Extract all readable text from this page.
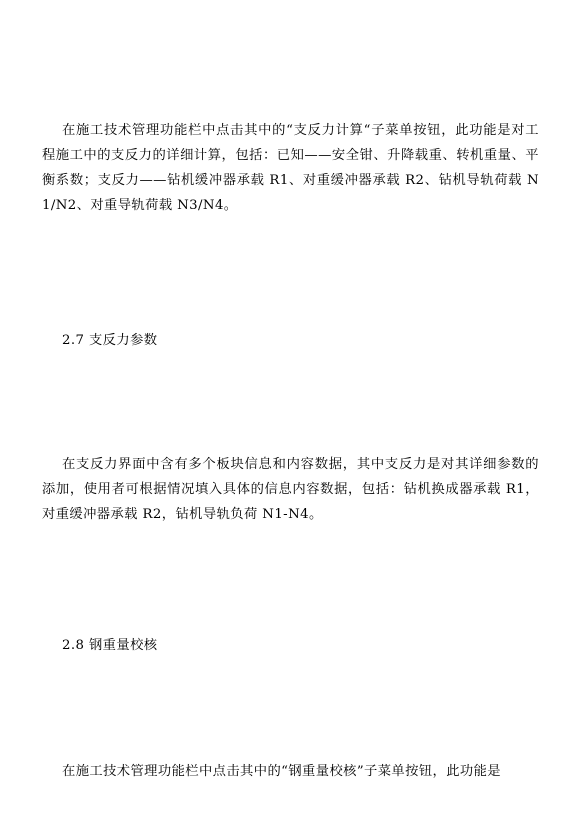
在施工技术管理功能栏中点击其中的“支反力计算“子菜单按钮，此功能是对工程施工中的支反力的详细计算，包括：已知——安全钳、升降载重、转机重量、平衡系数；支反力——钻机缓冲器承载 R1、对重缓冲器承载 R2、钻机导轨荷载 N1/N2、对重导轨荷载 N3/N4。

2.7 支反力参数

在支反力界面中含有多个板块信息和内容数据，其中支反力是对其详细参数的添加，使用者可根据情况填入具体的信息内容数据，包括：钻机换成器承载 R1，对重缓冲器承载 R2，钻机导轨负荷 N1-N4。

2.8 钢重量校核

在施工技术管理功能栏中点击其中的“钢重量校核”子菜单按钮，此功能是
